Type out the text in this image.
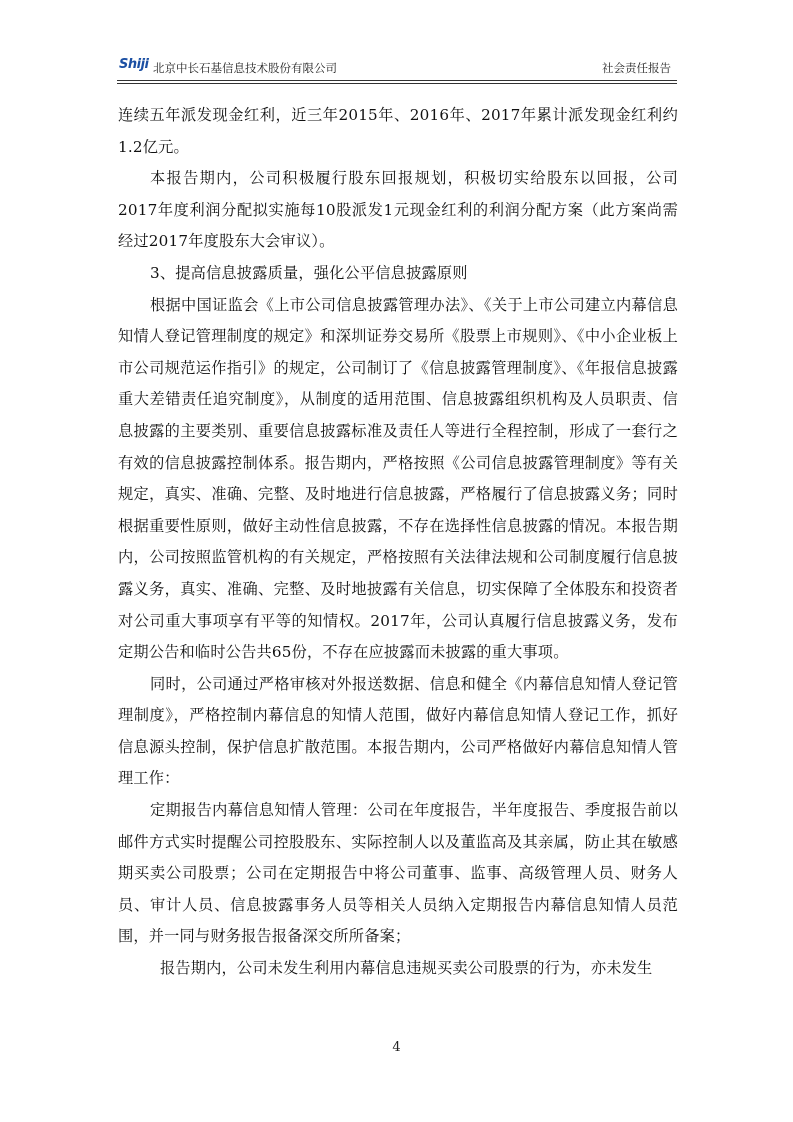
Shiji 北京中长石基信息技术股份有限公司	社会责任报告

连续五年派发现金红利，近三年2015年、2016年、2017年累计派发现金红利约1.2亿元。

本报告期内，公司积极履行股东回报规划，积极切实给股东以回报，公司2017年度利润分配拟实施每10股派发1元现金红利的利润分配方案（此方案尚需经过2017年度股东大会审议）。

3、提高信息披露质量，强化公平信息披露原则

根据中国证监会《上市公司信息披露管理办法》、《关于上市公司建立内幕信息知情人登记管理制度的规定》和深圳证券交易所《股票上市规则》、《中小企业板上市公司规范运作指引》的规定，公司制订了《信息披露管理制度》、《年报信息披露重大差错责任追究制度》，从制度的适用范围、信息披露组织机构及人员职责、信息披露的主要类别、重要信息披露标准及责任人等进行全程控制，形成了一套行之有效的信息披露控制体系。报告期内，严格按照《公司信息披露管理制度》等有关规定，真实、准确、完整、及时地进行信息披露，严格履行了信息披露义务；同时根据重要性原则，做好主动性信息披露，不存在选择性信息披露的情况。本报告期内，公司按照监管机构的有关规定，严格按照有关法律法规和公司制度履行信息披露义务，真实、准确、完整、及时地披露有关信息，切实保障了全体股东和投资者对公司重大事项享有平等的知情权。2017年，公司认真履行信息披露义务，发布定期公告和临时公告共65份，不存在应披露而未披露的重大事项。

同时，公司通过严格审核对外报送数据、信息和健全《内幕信息知情人登记管理制度》，严格控制内幕信息的知情人范围，做好内幕信息知情人登记工作，抓好信息源头控制，保护信息扩散范围。本报告期内，公司严格做好内幕信息知情人管理工作：

定期报告内幕信息知情人管理：公司在年度报告，半年度报告、季度报告前以邮件方式实时提醒公司控股股东、实际控制人以及董监高及其亲属，防止其在敏感期买卖公司股票；公司在定期报告中将公司董事、监事、高级管理人员、财务人员、审计人员、信息披露事务人员等相关人员纳入定期报告内幕信息知情人员范围，并一同与财务报告报备深交所所备案；

报告期内，公司未发生利用内幕信息违规买卖公司股票的行为，亦未发生

4
